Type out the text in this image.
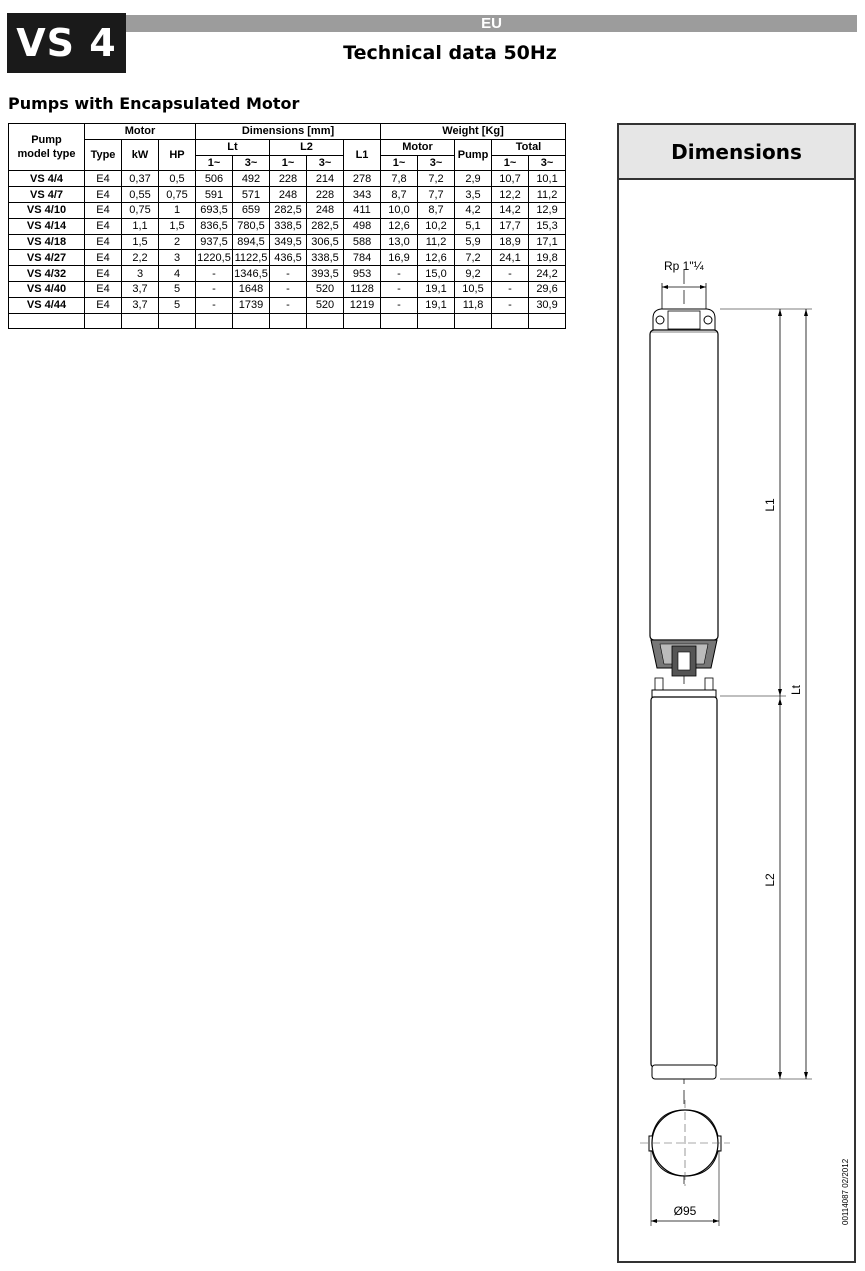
VS 4	EU
Technical data 50Hz
Pumps with Encapsulated Motor
Pump
model type	Motor			Dimensions [mm]					Weight [Kg]				
	Type	kW	HP	Lt		L2		L1	Motor		Pump	Total	
				1~	3~	1~	3~		1~	3~		1~	3~
VS 4/4	E4	0,37	0,5	506	492	228	214	278	7,8	7,2	2,9	10,7	10,1
VS 4/7	E4	0,55	0,75	591	571	248	228	343	8,7	7,7	3,5	12,2	11,2
VS 4/10	E4	0,75	1	693,5	659	282,5	248	411	10,0	8,7	4,2	14,2	12,9
VS 4/14	E4	1,1	1,5	836,5	780,5	338,5	282,5	498	12,6	10,2	5,1	17,7	15,3
VS 4/18	E4	1,5	2	937,5	894,5	349,5	306,5	588	13,0	11,2	5,9	18,9	17,1
VS 4/27	E4	2,2	3	1220,5	1122,5	436,5	338,5	784	16,9	12,6	7,2	24,1	19,8
VS 4/32	E4	3	4	-	1346,5	-	393,5	953	-	15,0	9,2	-	24,2
VS 4/40	E4	3,7	5	-	1648	-	520	1128	-	19,1	10,5	-	29,6
VS 4/44	E4	3,7	5	-	1739	-	520	1219	-	19,1	11,8	-	30,9

Dimensions
Rp 1"¼
L1
L2
Lt
Ø95	00114087 02/2012
